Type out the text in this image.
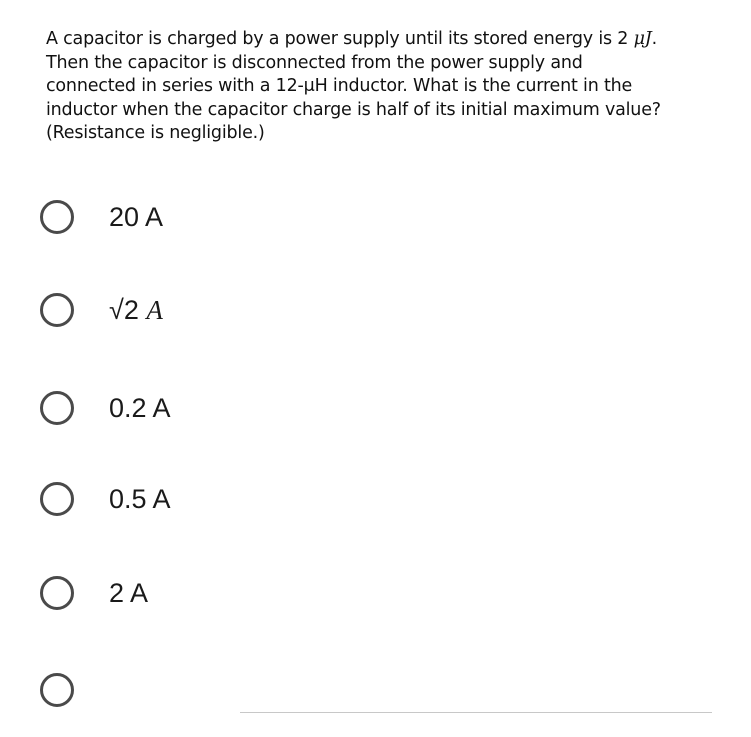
A capacitor is charged by a power supply until its stored energy is 2 μJ.
Then the capacitor is disconnected from the power supply and
connected in series with a 12-μH inductor. What is the current in the
inductor when the capacitor charge is half of its initial maximum value?
(Resistance is negligible.)
20 A
√2 A
0.2 A
0.5 A
2 A
